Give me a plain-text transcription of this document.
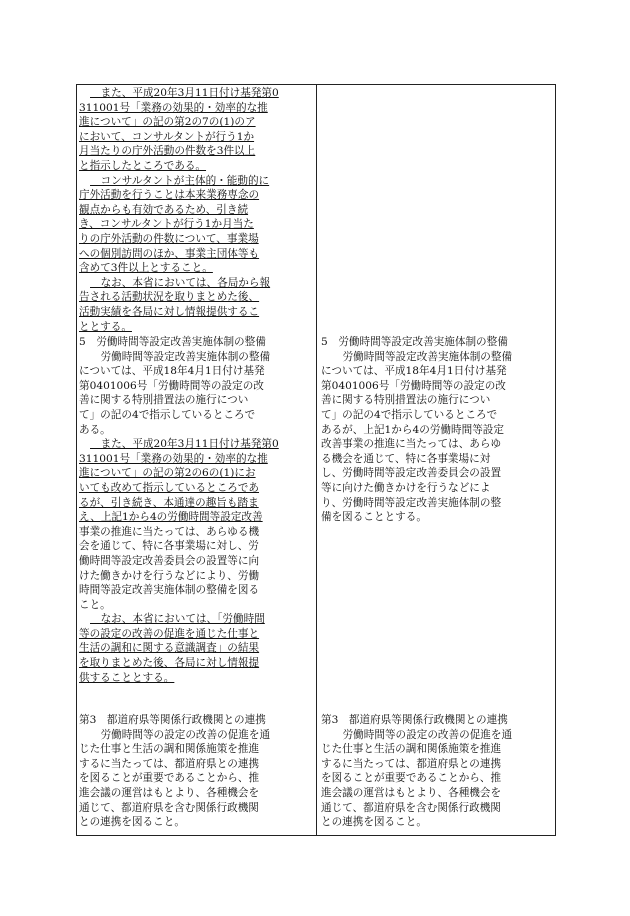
　また、平成20年3月11日付け基発第0
311001号「業務の効果的・効率的な推
進について」の記の第2の7の(1)のア
において、コンサルタントが行う1か
月当たりの庁外活動の件数を3件以上
と指示したところである。
　コンサルタントが主体的・能動的に
庁外活動を行うことは本来業務専念の
観点からも有効であるため、引き続
き、コンサルタントが行う1か月当た
りの庁外活動の件数について、事業場
への個別訪問のほか、事業主団体等も
含めて3件以上とすること。
　なお、本省においては、各局から報
告される活動状況を取りまとめた後、
活動実績を各局に対し情報提供するこ
ととする。
5　労働時間等設定改善実施体制の整備
　労働時間等設定改善実施体制の整備
については、平成18年4月1日付け基発
第0401006号「労働時間等の設定の改
善に関する特別措置法の施行につい
て」の記の4で指示しているところで
ある。
　また、平成20年3月11日付け基発第0
311001号「業務の効果的・効率的な推
進について」の記の第2の6の(1)にお
いても改めて指示しているところであ
るが、引き続き、本通達の趣旨も踏ま
え、上記1から4の労働時間等設定改善
事業の推進に当たっては、あらゆる機
会を通じて、特に各事業場に対し、労
働時間等設定改善委員会の設置等に向
けた働きかけを行うなどにより、労働
時間等設定改善実施体制の整備を図る
こと。
　なお、本省においては、「労働時間
等の設定の改善の促進を通じた仕事と
生活の調和に関する意識調査」の結果
を取りまとめた後、各局に対し情報提
供することとする。
第3　都道府県等関係行政機関との連携
　労働時間等の設定の改善の促進を通
じた仕事と生活の調和関係施策を推進
するに当たっては、都道府県との連携
を図ることが重要であることから、推
進会議の運営はもとより、各種機会を
通じて、都道府県を含む関係行政機関
との連携を図ること。
5　労働時間等設定改善実施体制の整備
　労働時間等設定改善実施体制の整備
については、平成18年4月1日付け基発
第0401006号「労働時間等の設定の改
善に関する特別措置法の施行につい
て」の記の4で指示しているところで
あるが、上記1から4の労働時間等設定
改善事業の推進に当たっては、あらゆ
る機会を通じて、特に各事業場に対
し、労働時間等設定改善委員会の設置
等に向けた働きかけを行うなどによ
り、労働時間等設定改善実施体制の整
備を図ることとする。
第3　都道府県等関係行政機関との連携
　労働時間等の設定の改善の促進を通
じた仕事と生活の調和関係施策を推進
するに当たっては、都道府県との連携
を図ることが重要であることから、推
進会議の運営はもとより、各種機会を
通じて、都道府県を含む関係行政機関
との連携を図ること。
